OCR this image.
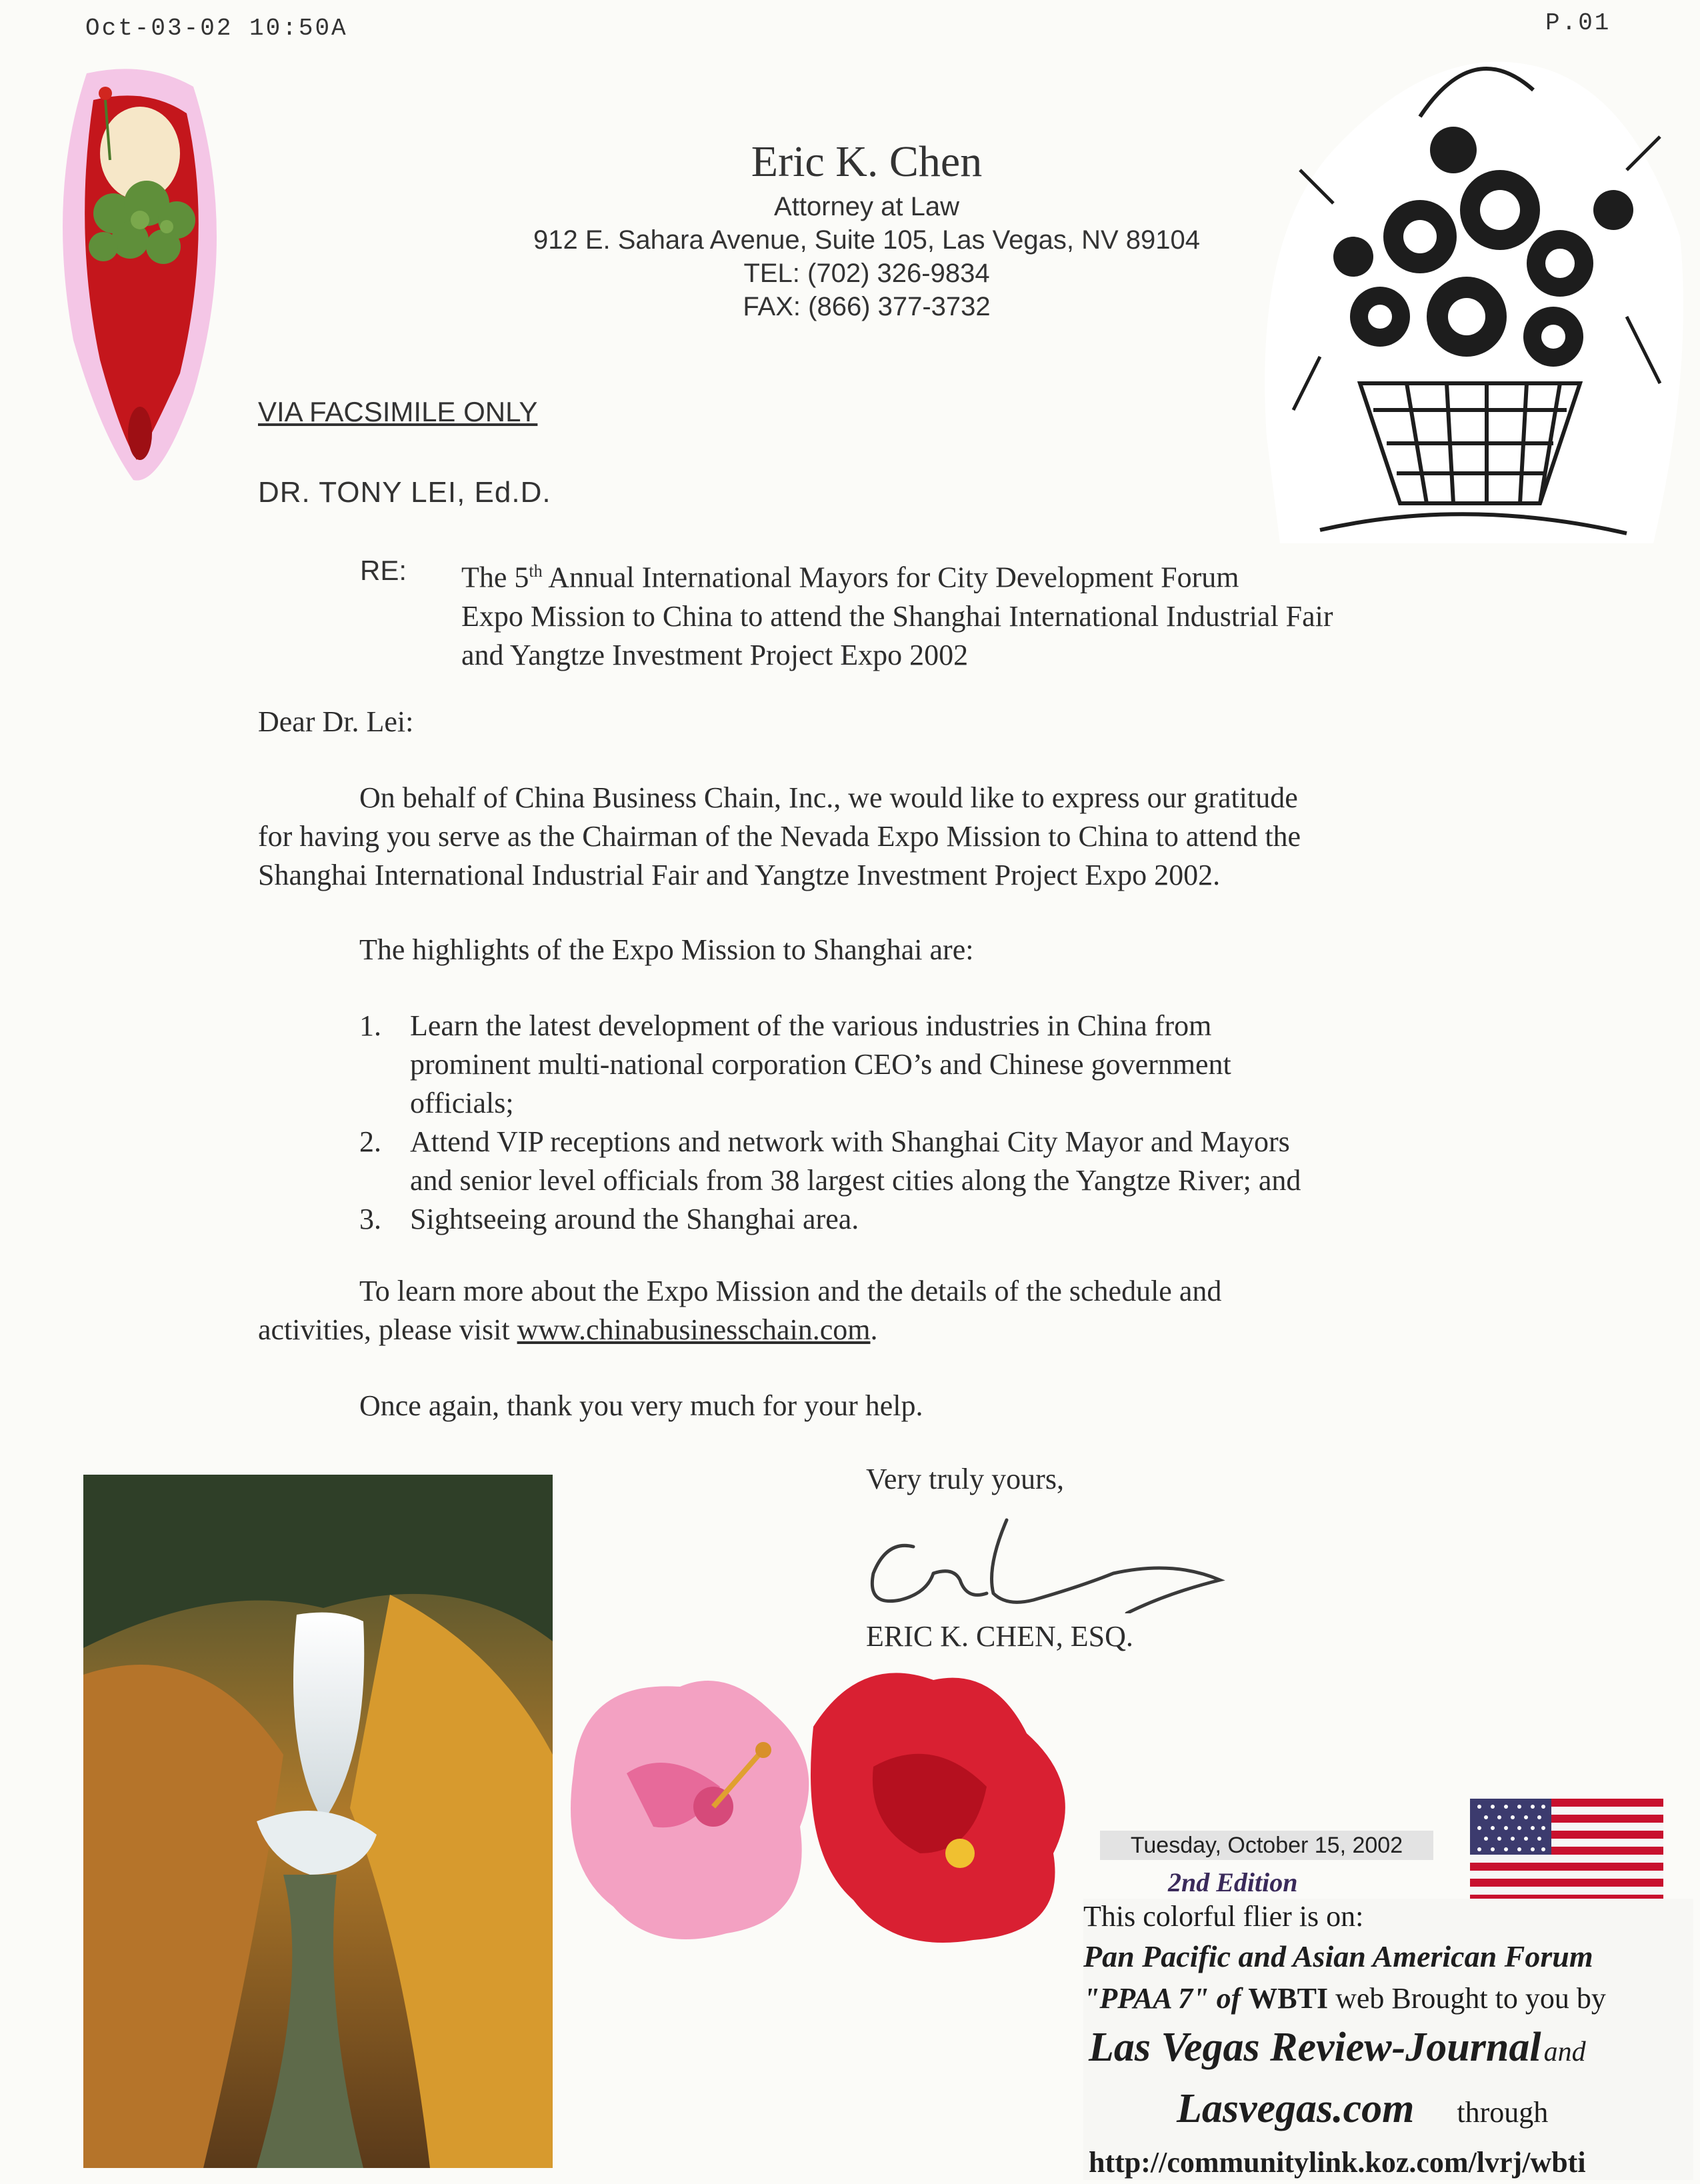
Oct-03-02 10:50A	P.01
Eric K. Chen
Attorney at Law
912 E. Sahara Avenue, Suite 105, Las Vegas, NV 89104
TEL: (702) 326-9834
FAX: (866) 377-3732
VIA FACSIMILE ONLY
DR. TONY LEI, Ed.D.
RE: The 5th Annual International Mayors for City Development Forum
Expo Mission to China to attend the Shanghai International Industrial Fair
and Yangtze Investment Project Expo 2002
Dear Dr. Lei:
On behalf of China Business Chain, Inc., we would like to express our gratitude
for having you serve as the Chairman of the Nevada Expo Mission to China to attend the
Shanghai International Industrial Fair and Yangtze Investment Project Expo 2002.
The highlights of the Expo Mission to Shanghai are:
1. Learn the latest development of the various industries in China from
prominent multi-national corporation CEO’s and Chinese government
officials;
2. Attend VIP receptions and network with Shanghai City Mayor and Mayors
and senior level officials from 38 largest cities along the Yangtze River; and
3. Sightseeing around the Shanghai area.
To learn more about the Expo Mission and the details of the schedule and
activities, please visit www.chinabusinesschain.com.
Once again, thank you very much for your help.
Very truly yours,
ERIC K. CHEN, ESQ.
Tuesday, October 15, 2002
2nd Edition
This colorful flier is on:
Pan Pacific and Asian American Forum
"PPAA 7" of WBTI web Brought to you by
Las Vegas Review-Journal and
Lasvegas.com through
http://communitylink.koz.com/lvrj/wbti
